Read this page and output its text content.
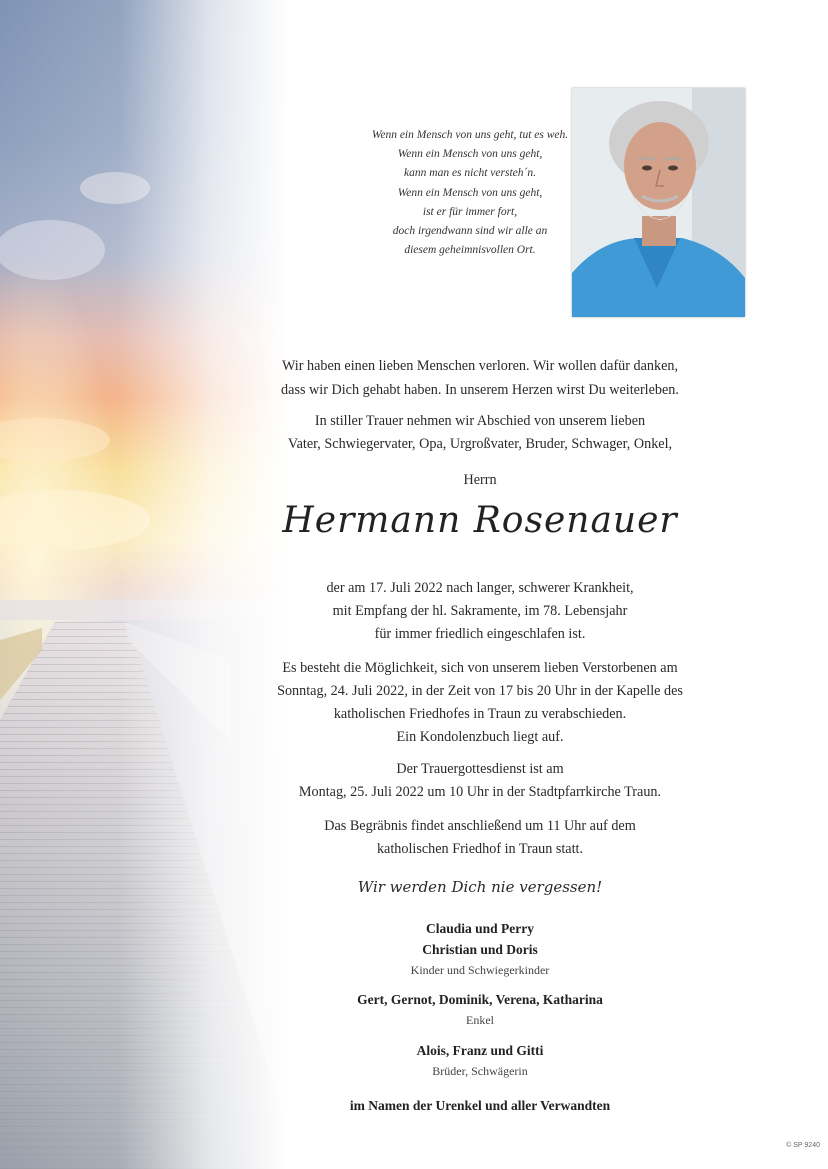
Wenn ein Mensch von uns geht, tut es weh.
Wenn ein Mensch von uns geht,
kann man es nicht versteh´n.
Wenn ein Mensch von uns geht,
ist er für immer fort,
doch irgendwann sind wir alle an
diesem geheimnisvollen Ort.
Wir haben einen lieben Menschen verloren. Wir wollen dafür danken,
dass wir Dich gehabt haben. In unserem Herzen wirst Du weiterleben.
In stiller Trauer nehmen wir Abschied von unserem lieben
Vater, Schwiegervater, Opa, Urgroßvater, Bruder, Schwager, Onkel,
Herrn
Hermann Rosenauer
der am 17. Juli 2022 nach langer, schwerer Krankheit,
mit Empfang der hl. Sakramente, im 78. Lebensjahr
für immer friedlich eingeschlafen ist.
Es besteht die Möglichkeit, sich von unserem lieben Verstorbenen am
Sonntag, 24. Juli 2022, in der Zeit von 17 bis 20 Uhr in der Kapelle des
katholischen Friedhofes in Traun zu verabschieden.
Ein Kondolenzbuch liegt auf.
Der Trauergottesdienst ist am
Montag, 25. Juli 2022 um 10 Uhr in der Stadtpfarrkirche Traun.
Das Begräbnis findet anschließend um 11 Uhr auf dem
katholischen Friedhof in Traun statt.
Wir werden Dich nie vergessen!
Claudia und Perry
Christian und Doris
Kinder und Schwiegerkinder
Gert, Gernot, Dominik, Verena, Katharina
Enkel
Alois, Franz und Gitti
Brüder, Schwägerin
im Namen der Urenkel und aller Verwandten
© SP 9240
